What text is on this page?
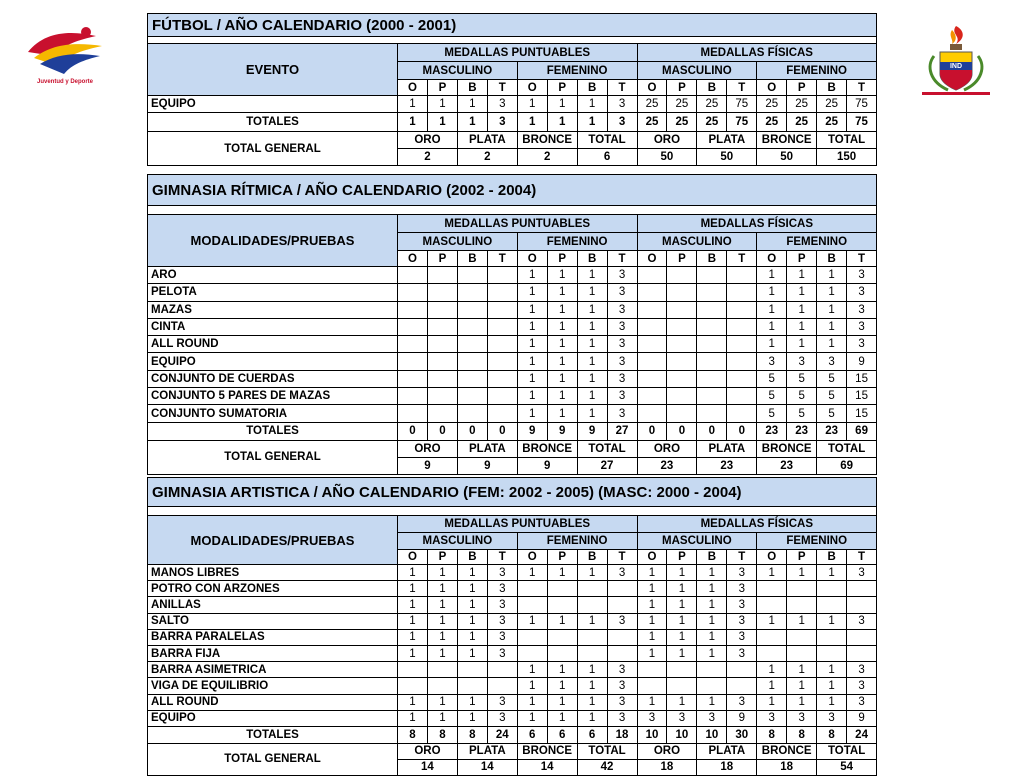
Juventud y Deporte
IND
FÚTBOL / AÑO CALENDARIO (2000 - 2001)																

EVENTO	MEDALLAS PUNTUABLES								MEDALLAS FÍSICAS							
	MASCULINO				FEMENINO				MASCULINO				FEMENINO			
	O	P	B	T	O	P	B	T	O	P	B	T	O	P	B	T
EQUIPO	1	1	1	3	1	1	1	3	25	25	25	75	25	25	25	75
TOTALES	1	1	1	3	1	1	1	3	25	25	25	75	25	25	25	75
TOTAL GENERAL	ORO		PLATA		BRONCE		TOTAL		ORO		PLATA		BRONCE		TOTAL	
	2		2		2		6		50		50		50		150	
GIMNASIA RÍTMICA / AÑO CALENDARIO (2002 - 2004)																

MODALIDADES/PRUEBAS	MEDALLAS PUNTUABLES								MEDALLAS FÍSICAS							
	MASCULINO				FEMENINO				MASCULINO				FEMENINO			
	O	P	B	T	O	P	B	T	O	P	B	T	O	P	B	T
ARO					1	1	1	3					1	1	1	3
PELOTA					1	1	1	3					1	1	1	3
MAZAS					1	1	1	3					1	1	1	3
CINTA					1	1	1	3					1	1	1	3
ALL ROUND					1	1	1	3					1	1	1	3
EQUIPO					1	1	1	3					3	3	3	9
CONJUNTO DE CUERDAS					1	1	1	3					5	5	5	15
CONJUNTO 5 PARES DE MAZAS					1	1	1	3					5	5	5	15
CONJUNTO SUMATORIA					1	1	1	3					5	5	5	15
TOTALES	0	0	0	0	9	9	9	27	0	0	0	0	23	23	23	69
TOTAL GENERAL	ORO		PLATA		BRONCE		TOTAL		ORO		PLATA		BRONCE		TOTAL	
	9		9		9		27		23		23		23		69	
GIMNASIA ARTISTICA / AÑO CALENDARIO (FEM: 2002 - 2005) (MASC: 2000 - 2004)																

MODALIDADES/PRUEBAS	MEDALLAS PUNTUABLES								MEDALLAS FÍSICAS							
	MASCULINO				FEMENINO				MASCULINO				FEMENINO			
	O	P	B	T	O	P	B	T	O	P	B	T	O	P	B	T
MANOS LIBRES	1	1	1	3	1	1	1	3	1	1	1	3	1	1	1	3
POTRO CON ARZONES	1	1	1	3					1	1	1	3				
ANILLAS	1	1	1	3					1	1	1	3				
SALTO	1	1	1	3	1	1	1	3	1	1	1	3	1	1	1	3
BARRA PARALELAS	1	1	1	3					1	1	1	3				
BARRA FIJA	1	1	1	3					1	1	1	3				
BARRA ASIMETRICA					1	1	1	3					1	1	1	3
VIGA DE EQUILIBRIO					1	1	1	3					1	1	1	3
ALL ROUND	1	1	1	3	1	1	1	3	1	1	1	3	1	1	1	3
EQUIPO	1	1	1	3	1	1	1	3	3	3	3	9	3	3	3	9
TOTALES	8	8	8	24	6	6	6	18	10	10	10	30	8	8	8	24
TOTAL GENERAL	ORO		PLATA		BRONCE		TOTAL		ORO		PLATA		BRONCE		TOTAL	
	14		14		14		42		18		18		18		54	
